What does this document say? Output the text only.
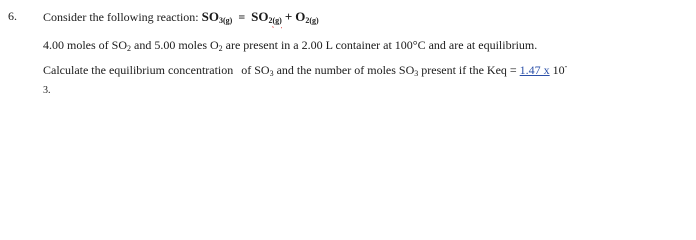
6. Consider the following reaction: $SO_{3(g)} = SO_{2(g)} + O_{2(g)}$
4.00 moles of $SO_2$ and 5.00 moles $O_2$ are present in a 2.00 L container at 100°C and are at equilibrium.
Calculate the equilibrium concentration of $SO_3$ and the number of moles $SO_3$ present if the Keq = 1.47 x 10-
3.
